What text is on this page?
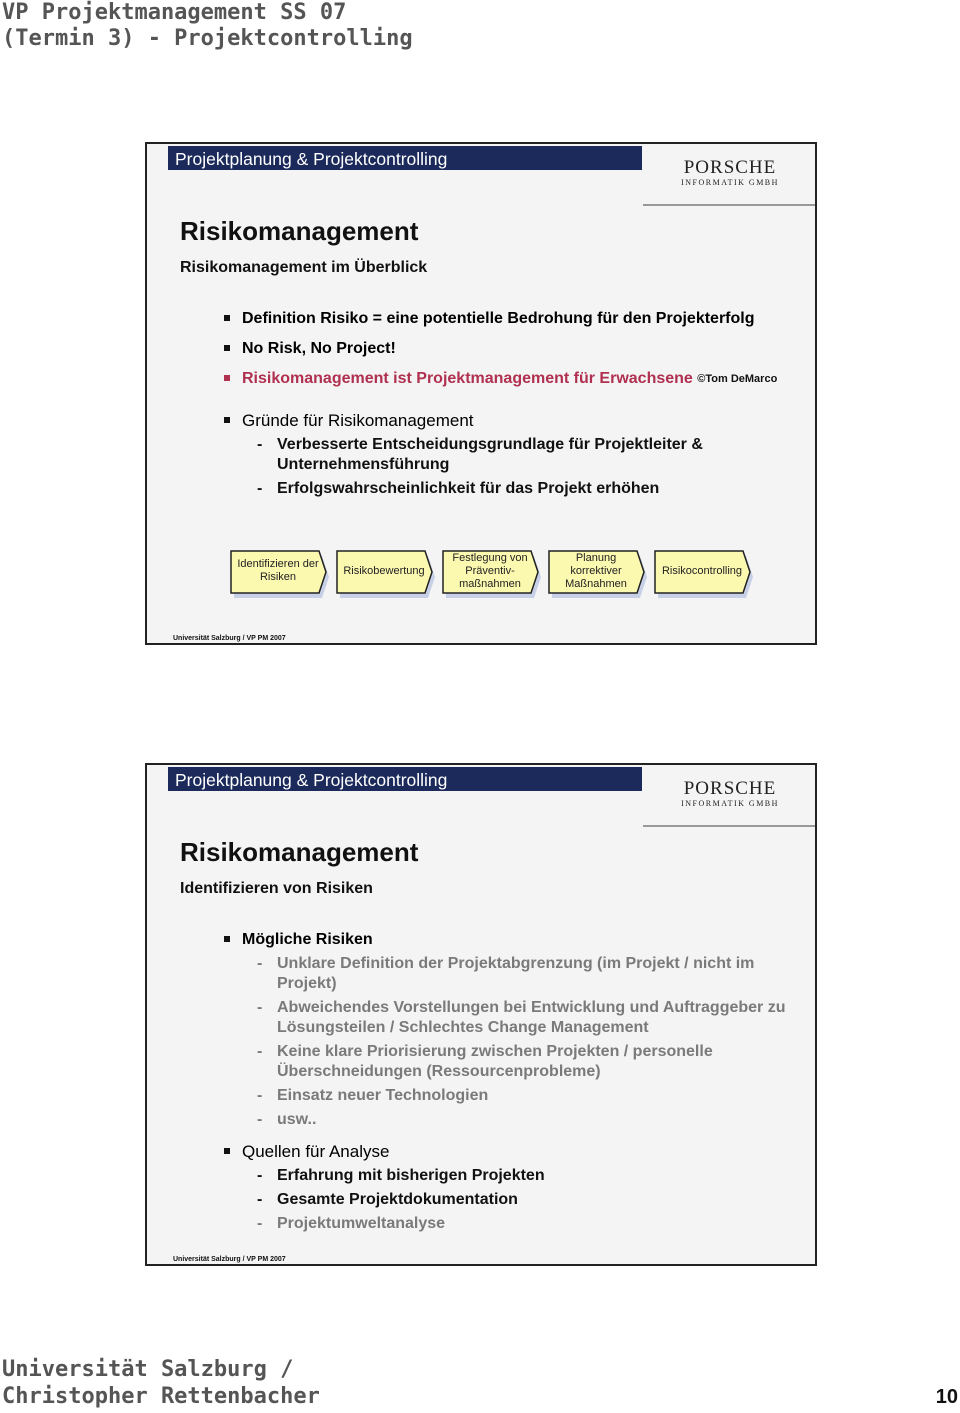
VP Projektmanagement SS 07
(Termin 3) - Projektcontrolling
Projektplanung & Projektcontrolling	PORSCHE
INFORMATIK GMBH
Risikomanagement
Risikomanagement im Überblick
Definition Risiko = eine potentielle Bedrohung für den Projekterfolg
No Risk, No Project!
Risikomanagement ist Projektmanagement für Erwachsene $^{©Tom DeMarco}$
Gründe für Risikomanagement
- Verbesserte Entscheidungsgrundlage für Projektleiter & Unternehmensführung
- Erfolgswahrscheinlichkeit für das Projekt erhöhen
Identifizieren der Risiken
Risikobewertung
Festlegung von Präventiv-maßnahmen
Planung korrektiver Maßnahmen
Risikocontrolling
Universität Salzburg / VP PM 2007
Projektplanung & Projektcontrolling	PORSCHE
INFORMATIK GMBH
Risikomanagement
Identifizieren von Risiken
Mögliche Risiken
- Unklare Definition der Projektabgrenzung (im Projekt / nicht im Projekt)
- Abweichendes Vorstellungen bei Entwicklung und Auftraggeber zu Lösungsteilen / Schlechtes Change Management
- Keine klare Priorisierung zwischen Projekten / personelle Überschneidungen (Ressourcenprobleme)
- Einsatz neuer Technologien
- usw..
Quellen für Analyse
- Erfahrung mit bisherigen Projekten
- Gesamte Projektdokumentation
- Projektumweltanalyse
Universität Salzburg / VP PM 2007
Universität Salzburg /
Christopher Rettenbacher	10
